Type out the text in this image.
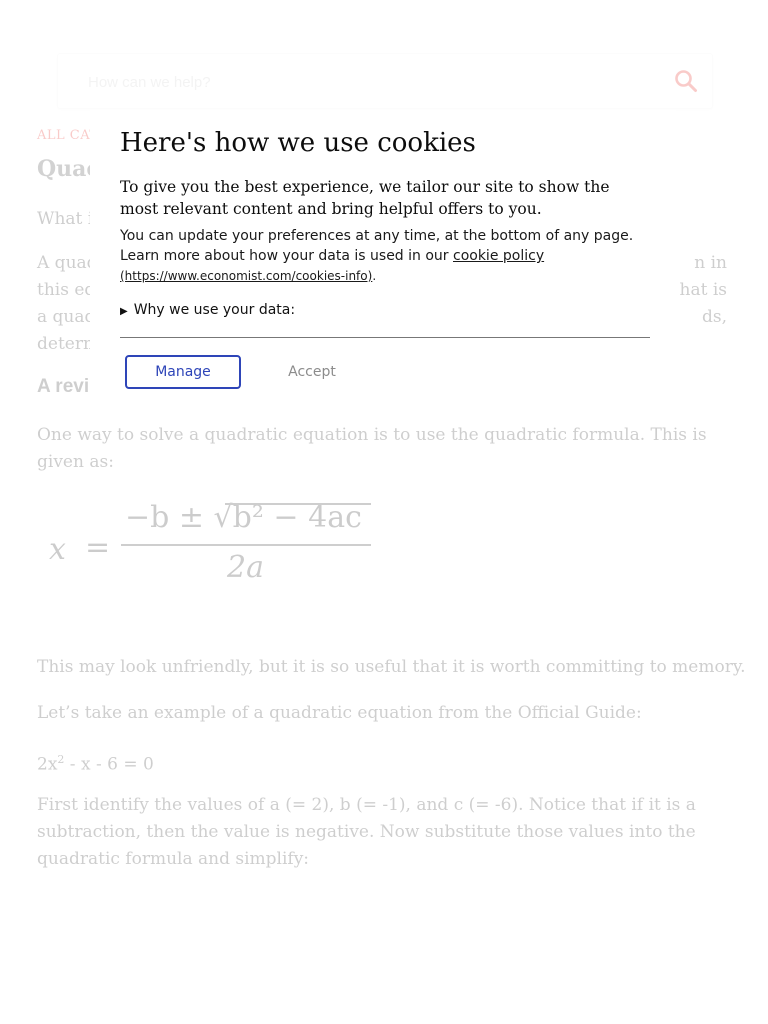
How can we help?
Here's how we use cookies
To give you the best experience, we tailor our site to show the most relevant content and bring helpful offers to you.
You can update your preferences at any time, at the bottom of any page. Learn more about how your data is used in our cookie policy
(https://www.economist.com/cookies-info).
▶ Why we use your data:
Manage	Accept
